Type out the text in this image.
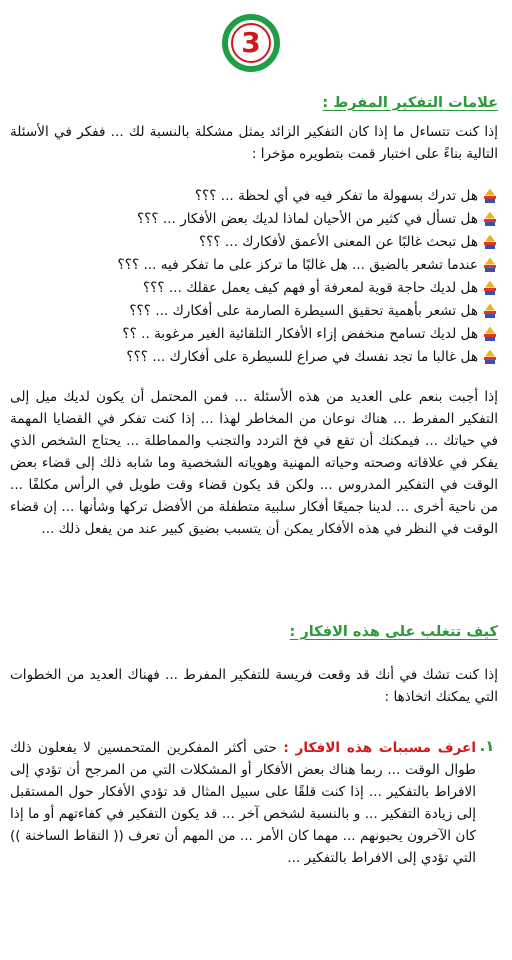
3
علامات التفكير المفرط :
إذا كنت تتساءل ما إذا كان التفكير الزائد يمثل مشكلة بالنسبة لك ... ففكر في الأسئلة التالية بناءً على اختبار قمت بتطويره مؤخرا :
هل تدرك بسهولة ما تفكر فيه في أي لحظة ... ؟؟؟
هل تسأل في كثير من الأحيان لماذا لديك بعض الأفكار ... ؟؟؟
هل تبحث غالبًا عن المعنى الأعمق لأفكارك ... ؟؟؟
عندما تشعر بالضيق ... هل غالبًا ما تركز على ما تفكر فيه ... ؟؟؟
هل لديك حاجة قوية لمعرفة أو فهم كيف يعمل عقلك ... ؟؟؟
هل تشعر بأهمية تحقيق السيطرة الصارمة على أفكارك ... ؟؟؟
هل لديك تسامح منخفض إزاء الأفكار التلقائية الغير مرغوبة .. ؟؟
هل غالبا ما تجد نفسك في صراع للسيطرة على أفكارك ... ؟؟؟
إذا أجبت بنعم على العديد من هذه الأسئلة ... فمن المحتمل أن يكون لديك ميل إلى التفكير المفرط ... هناك نوعان من المخاطر لهذا ... إذا كنت تفكر في القضايا المهمة في حياتك ... فيمكنك أن تقع في فخ التردد والتجنب والمماطلة ... يحتاج الشخص الذي يفكر في علاقاته وصحته وحياته المهنية وهوياته الشخصية وما شابه ذلك إلى قضاء بعض الوقت في التفكير المدروس ... ولكن قد يكون قضاء وقت طويل في الرأس مكلفًا ... من ناحية أخرى ... لدينا جميعًا أفكار سلبية متطفلة من الأفضل تركها وشأنها ... إن قضاء الوقت في النظر في هذه الأفكار يمكن أن يتسبب بضيق كبير عند من يفعل ذلك ...
كيف تتغلب على هذه الافكار :
إذا كنت تشك في أنك قد وقعت فريسة للتفكير المفرط ... فهناك العديد من الخطوات التي يمكنك اتخاذها :
١.
اعرف مسببات هذه الافكار : حتى أكثر المفكرين المتحمسين لا يفعلون ذلك طوال الوقت ... ربما هناك بعض الأفكار أو المشكلات التي من المرجح أن تؤدي إلى الافراط بالتفكير ... إذا كنت قلقًا على سبيل المثال قد تؤدي الأفكار حول المستقبل إلى زيادة التفكير ... و بالنسبة لشخص آخر ... قد يكون التفكير في كفاءتهم أو ما إذا كان الآخرون يحبونهم ... مهما كان الأمر ... من المهم أن تعرف (( النقاط الساخنة )) التي تؤدي إلى الافراط بالتفكير ...
